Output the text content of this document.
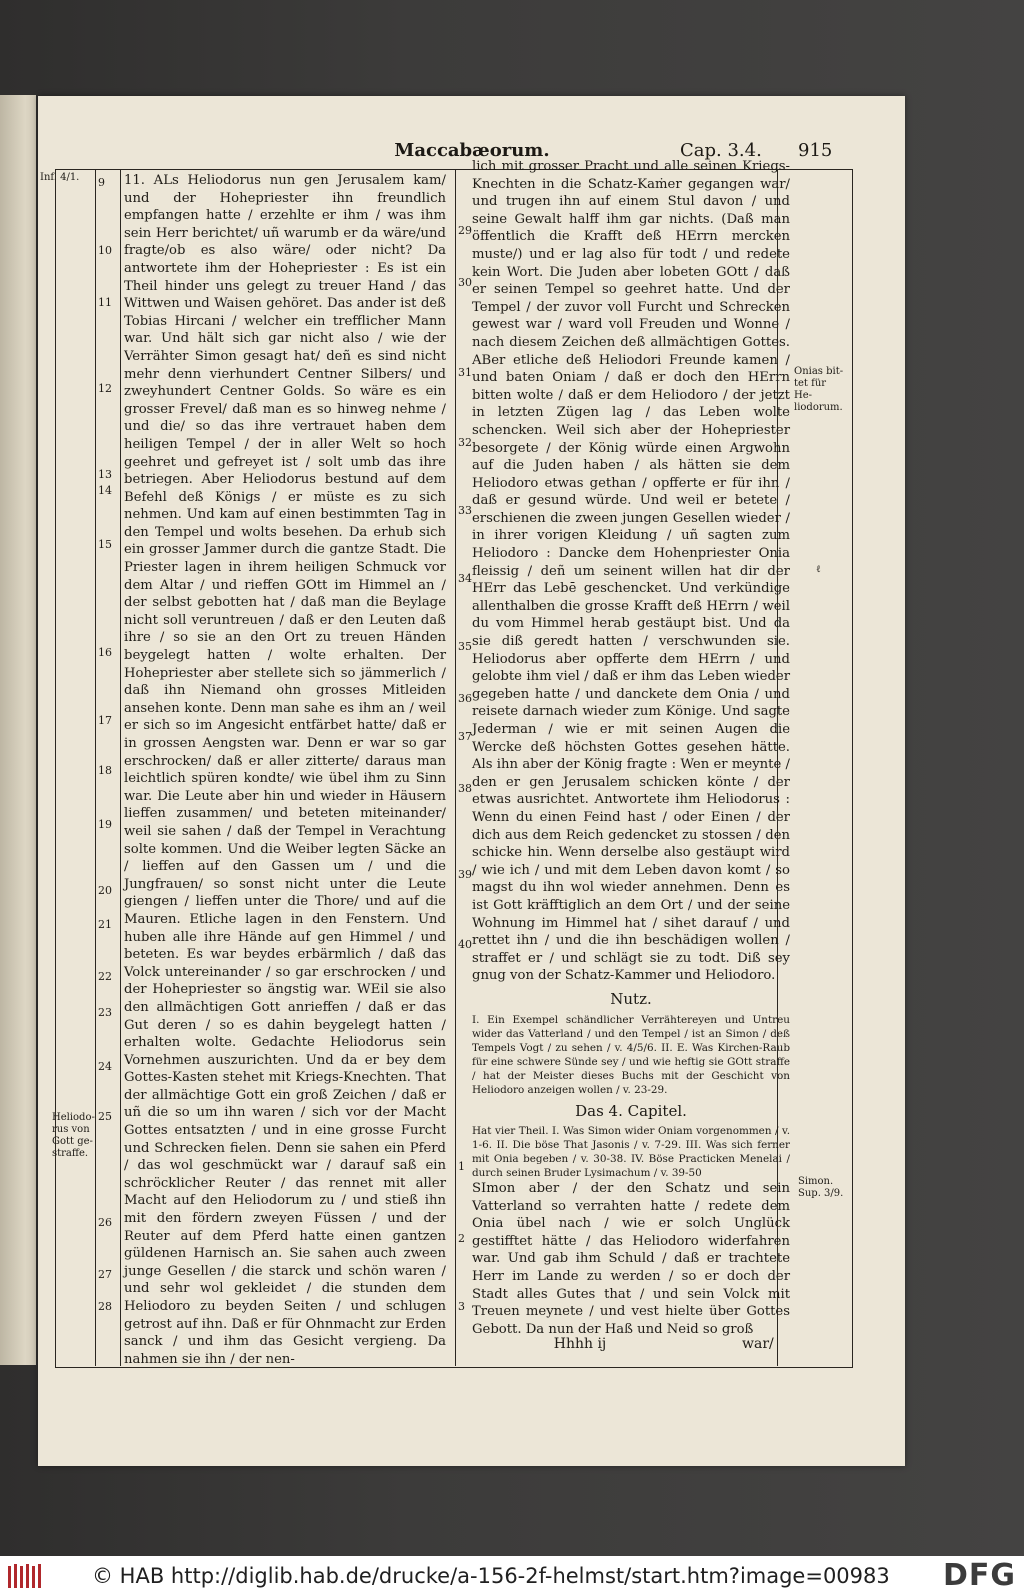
Maccabæorum.	Cap. 3.4.	915
Inf. 4/1.
Heliodo-rus von Gott ge-straffe.
Onias bit-tet für He-liodorum.
ℓ
Simon. Sup. 3/9.
9
10
11
12
13
14
15
16
17
18
19
20
21
22
23
24
25
26
27
28
29
30
31
32
33
34
35
36
37
38
39
40
1
2
3

11. ALs Heliodorus nun gen Jerusalem kam/ und der Hohepriester ihn freundlich empfangen hatte / erzehlte er ihm / was ihm sein Herr berichtet/ uñ warumb er da wäre/und fragte/ob es also wäre/ oder nicht? Da antwortete ihm der Hohepriester : Es ist ein Theil hinder uns gelegt zu treuer Hand / das Wittwen und Waisen gehöret. Das ander ist deß Tobias Hircani / welcher ein trefflicher Mann war. Und hält sich gar nicht also / wie der Verrähter Simon gesagt hat/ deñ es sind nicht mehr denn vierhundert Centner Silbers/ und zweyhundert Centner Golds. So wäre es ein grosser Frevel/ daß man es so hinweg nehme / und die/ so das ihre vertrauet haben dem heiligen Tempel / der in aller Welt so hoch geehret und gefreyet ist / solt umb das ihre betriegen. Aber Heliodorus bestund auf dem Befehl deß Königs / er müste es zu sich nehmen. Und kam auf einen bestimmten Tag in den Tempel und wolts besehen. Da erhub sich ein grosser Jammer durch die gantze Stadt. Die Priester lagen in ihrem heiligen Schmuck vor dem Altar / und rieffen GOtt im Himmel an / der selbst gebotten hat / daß man die Beylage nicht soll veruntreuen / daß er den Leuten daß ihre / so sie an den Ort zu treuen Händen beygelegt hatten / wolte erhalten. Der Hohepriester aber stellete sich so jämmerlich / daß ihn Niemand ohn grosses Mitleiden ansehen konte. Denn man sahe es ihm an / weil er sich so im Angesicht entfärbet hatte/ daß er in grossen Aengsten war. Denn er war so gar erschrocken/ daß er aller zitterte/ daraus man leichtlich spüren kondte/ wie übel ihm zu Sinn war. Die Leute aber hin und wieder in Häusern lieffen zusammen/ und beteten miteinander/ weil sie sahen / daß der Tempel in Verachtung solte kommen. Und die Weiber legten Säcke an / lieffen auf den Gassen um / und die Jungfrauen/ so sonst nicht unter die Leute giengen / lieffen unter die Thore/ und auf die Mauren. Etliche lagen in den Fenstern. Und huben alle ihre Hände auf gen Himmel / und beteten. Es war beydes erbärmlich / daß das Volck untereinander / so gar erschrocken / und der Hohepriester so ängstig war. WEil sie also den allmächtigen Gott anrieffen / daß er das Gut deren / so es dahin beygelegt hatten / erhalten wolte. Gedachte Heliodorus sein Vornehmen auszurichten. Und da er bey dem Gottes-Kasten stehet mit Kriegs-Knechten. That der allmächtige Gott ein groß Zeichen / daß er uñ die so um ihn waren / sich vor der Macht Gottes entsatzten / und in eine grosse Furcht und Schrecken fielen. Denn sie sahen ein Pferd / das wol geschmückt war / darauf saß ein schröcklicher Reuter / das rennet mit aller Macht auf den Heliodorum zu / und stieß ihn mit den fördern zweyen Füssen / und der Reuter auf dem Pferd hatte einen gantzen güldenen Harnisch an. Sie sahen auch zween junge Gesellen / die starck und schön waren / und sehr wol gekleidet / die stunden dem Heliodoro zu beyden Seiten / und schlugen getrost auf ihn. Daß er für Ohnmacht zur Erden sanck / und ihm das Gesicht vergieng. Da nahmen sie ihn / der nen-

lich mit grosser Pracht und alle seinen Kriegs-Knechten in die Schatz-Kaṁer gegangen war/ und trugen ihn auf einem Stul davon / und seine Gewalt halff ihm gar nichts. (Daß man öffentlich die Krafft deß HErrn mercken muste/) und er lag also für todt / und redete kein Wort. Die Juden aber lobeten GOtt / daß er seinen Tempel so geehret hatte. Und der Tempel / der zuvor voll Furcht und Schrecken gewest war / ward voll Freuden und Wonne / nach diesem Zeichen deß allmächtigen Gottes. ABer etliche deß Heliodori Freunde kamen / und baten Oniam / daß er doch den HErrn bitten wolte / daß er dem Heliodoro / der jetzt in letzten Zügen lag / das Leben wolte schencken. Weil sich aber der Hohepriester besorgete / der König würde einen Argwohn auf die Juden haben / als hätten sie dem Heliodoro etwas gethan / opfferte er für ihn / daß er gesund würde. Und weil er betete / erschienen die zween jungen Gesellen wieder / in ihrer vorigen Kleidung / uñ sagten zum Heliodoro : Dancke dem Hohenpriester Onia fleissig / deñ um seinent willen hat dir der HErr das Lebē geschencket. Und verkündige allenthalben die grosse Krafft deß HErrn / weil du vom Himmel herab gestäupt bist. Und da sie diß geredt hatten / verschwunden sie. Heliodorus aber opfferte dem HErrn / und gelobte ihm viel / daß er ihm das Leben wieder gegeben hatte / und danckete dem Onia / und reisete darnach wieder zum Könige. Und sagte Jederman / wie er mit seinen Augen die Wercke deß höchsten Gottes gesehen hätte. Als ihn aber der König fragte : Wen er meynte / den er gen Jerusalem schicken könte / der etwas ausrichtet. Antwortete ihm Heliodorus : Wenn du einen Feind hast / oder Einen / der dich aus dem Reich gedencket zu stossen / den schicke hin. Wenn derselbe also gestäupt wird / wie ich / und mit dem Leben davon komt / so magst du ihn wol wieder annehmen. Denn es ist Gott kräfftiglich an dem Ort / und der seine Wohnung im Himmel hat / sihet darauf / und rettet ihn / und die ihn beschädigen wollen / straffet er / und schlägt sie zu todt. Diß sey gnug von der Schatz-Kammer und Heliodoro.

Nutz.

I. Ein Exempel schändlicher Verrähtereyen und Untreu wider das Vatterland / und den Tempel / ist an Simon / deß Tempels Vogt / zu sehen / v. 4/5/6. II. E. Was Kirchen-Raub für eine schwere Sünde sey / und wie heftig sie GOtt straffe / hat der Meister dieses Buchs mit der Geschicht von Heliodoro anzeigen wollen / v. 23-29.

Das 4. Capitel.

Hat vier Theil. I. Was Simon wider Oniam vorgenommen / v. 1-6. II. Die böse That Jasonis / v. 7-29. III. Was sich ferner mit Onia begeben / v. 30-38. IV. Böse Practicken Menelai / durch seinen Bruder Lysimachum / v. 39-50

SImon aber / der den Schatz und sein Vatterland so verrahten hatte / redete dem Onia übel nach / wie er solch Unglück gestifftet hätte / das Heliodoro widerfahren war. Und gab ihm Schuld / daß er trachtete Herr im Lande zu werden / so er doch der Stadt alles Gutes that / und sein Volck mit Treuen meynete / und vest hielte über Gottes Gebott. Da nun der Haß und Neid so groß

Hhhh ij	war/
© HAB http://diglib.hab.de/drucke/a-156-2f-helmst/start.htm?image=00983 DFG
